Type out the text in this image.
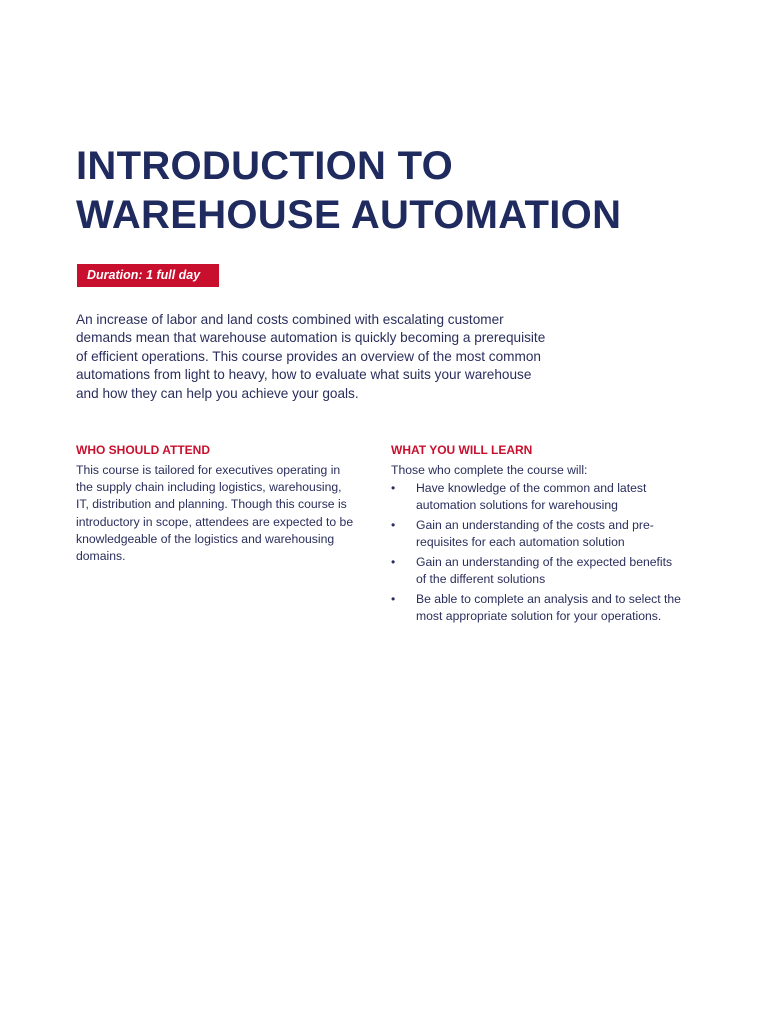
INTRODUCTION TO
WAREHOUSE AUTOMATION
Duration: 1 full day

An increase of labor and land costs combined with escalating customer demands mean that warehouse automation is quickly becoming a prerequisite of efficient operations. This course provides an overview of the most common automations from light to heavy, how to evaluate what suits your warehouse and how they can help you achieve your goals.

WHO SHOULD ATTEND

This course is tailored for executives operating in the supply chain including logistics, warehousing, IT, distribution and planning. Though this course is introductory in scope, attendees are expected to be knowledgeable of the logistics and warehousing domains.

WHAT YOU WILL LEARN

Those who complete the course will:

•	Have knowledge of the common and latest automation solutions for warehousing
•	Gain an understanding of the costs and pre-requisites for each automation solution
•	Gain an understanding of the expected benefits of the different solutions
•	Be able to complete an analysis and to select the most appropriate solution for your operations.
